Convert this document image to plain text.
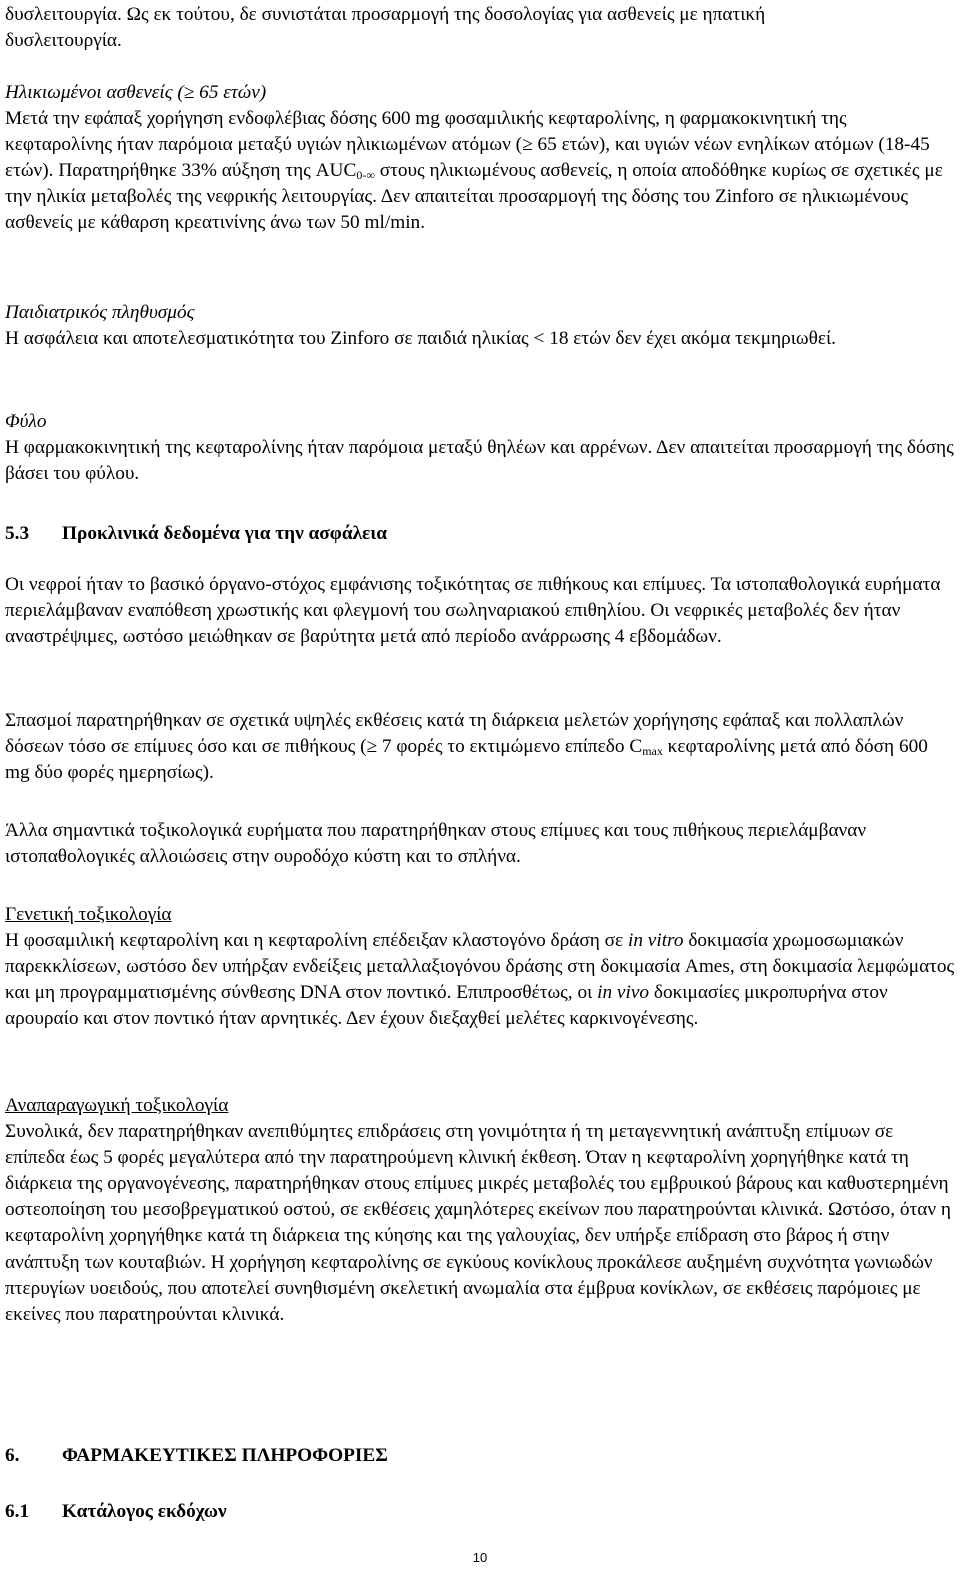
δυσλειτουργία. Ως εκ τούτου, δε συνιστάται προσαρμογή της δοσολογίας για ασθενείς με ηπατική

δυσλειτουργία.

Ηλικιωμένοι ασθενείς (≥ 65 ετών)

Μετά την εφάπαξ χορήγηση ενδοφλέβιας δόσης 600 mg φοσαμιλικής κεφταρολίνης, η φαρμακοκινητική της κεφταρολίνης ήταν παρόμοια μεταξύ υγιών ηλικιωμένων ατόμων (≥ 65 ετών), και υγιών νέων ενηλίκων ατόμων (18-45 ετών). Παρατηρήθηκε 33% αύξηση της $AUC_{0-\infty}$ στους ηλικιωμένους ασθενείς, η οποία αποδόθηκε κυρίως σε σχετικές με την ηλικία μεταβολές της νεφρικής λειτουργίας. Δεν απαιτείται προσαρμογή της δόσης του Zinforo σε ηλικιωμένους ασθενείς με κάθαρση κρεατινίνης άνω των 50 ml/min.

Παιδιατρικός πληθυσμός

Η ασφάλεια και αποτελεσματικότητα του Zinforo σε παιδιά ηλικίας < 18 ετών δεν έχει ακόμα τεκμηριωθεί.

Φύλο

Η φαρμακοκινητική της κεφταρολίνης ήταν παρόμοια μεταξύ θηλέων και αρρένων. Δεν απαιτείται προσαρμογή της δόσης βάσει του φύλου.

5.3 Προκλινικά δεδομένα για την ασφάλεια

Οι νεφροί ήταν το βασικό όργανο-στόχος εμφάνισης τοξικότητας σε πιθήκους και επίμυες. Τα ιστοπαθολογικά ευρήματα περιελάμβαναν εναπόθεση χρωστικής και φλεγμονή του σωληναριακού επιθηλίου. Οι νεφρικές μεταβολές δεν ήταν αναστρέψιμες, ωστόσο μειώθηκαν σε βαρύτητα μετά από περίοδο ανάρρωσης 4 εβδομάδων.

Σπασμοί παρατηρήθηκαν σε σχετικά υψηλές εκθέσεις κατά τη διάρκεια μελετών χορήγησης εφάπαξ και πολλαπλών δόσεων τόσο σε επίμυες όσο και σε πιθήκους (≥ 7 φορές το εκτιμώμενο επίπεδο $C_{max}$ κεφταρολίνης μετά από δόση 600 mg δύο φορές ημερησίως).

Άλλα σημαντικά τοξικολογικά ευρήματα που παρατηρήθηκαν στους επίμυες και τους πιθήκους περιελάμβαναν ιστοπαθολογικές αλλοιώσεις στην ουροδόχο κύστη και το σπλήνα.

Γενετική τοξικολογία

Η φοσαμιλική κεφταρολίνη και η κεφταρολίνη επέδειξαν κλαστογόνο δράση σε in vitro δοκιμασία χρωμοσωμιακών παρεκκλίσεων, ωστόσο δεν υπήρξαν ενδείξεις μεταλλαξιογόνου δράσης στη δοκιμασία Ames, στη δοκιμασία λεμφώματος και μη προγραμματισμένης σύνθεσης DNA στον ποντικό. Επιπροσθέτως, οι in vivo δοκιμασίες μικροπυρήνα στον αρουραίο και στον ποντικό ήταν αρνητικές. Δεν έχουν διεξαχθεί μελέτες καρκινογένεσης.

Αναπαραγωγική τοξικολογία

Συνολικά, δεν παρατηρήθηκαν ανεπιθύμητες επιδράσεις στη γονιμότητα ή τη μεταγεννητική ανάπτυξη επίμυων σε επίπεδα έως 5 φορές μεγαλύτερα από την παρατηρούμενη κλινική έκθεση. Όταν η κεφταρολίνη χορηγήθηκε κατά τη διάρκεια της οργανογένεσης, παρατηρήθηκαν στους επίμυες μικρές μεταβολές του εμβρυικού βάρους και καθυστερημένη οστεοποίηση του μεσοβρεγματικού οστού, σε εκθέσεις χαμηλότερες εκείνων που παρατηρούνται κλινικά. Ωστόσο, όταν η κεφταρολίνη χορηγήθηκε κατά τη διάρκεια της κύησης και της γαλουχίας, δεν υπήρξε επίδραση στο βάρος ή στην ανάπτυξη των κουταβιών. Η χορήγηση κεφταρολίνης σε εγκύους κονίκλους προκάλεσε αυξημένη συχνότητα γωνιωδών πτερυγίων υοειδούς, που αποτελεί συνηθισμένη σκελετική ανωμαλία στα έμβρυα κονίκλων, σε εκθέσεις παρόμοιες με εκείνες που παρατηρούνται κλινικά.

6. ΦΑΡΜΑΚΕΥΤΙΚΕΣ ΠΛΗΡΟΦΟΡΙΕΣ

6.1 Κατάλογος εκδόχων

10
